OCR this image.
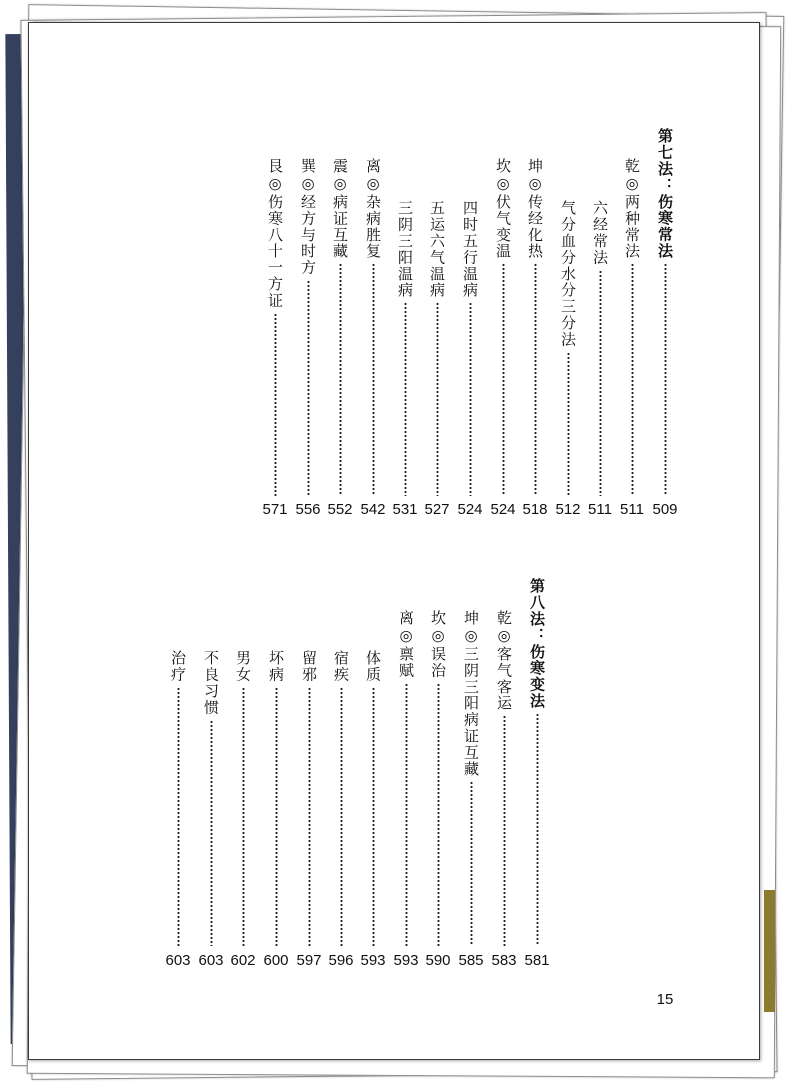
第七法：伤寒常法
509
乾◎两种常法
511
六经常法
511
气分血分水分三分法
512
坤◎传经化热
518
坎◎伏气变温
524
四时五行温病
524
五运六气温病
527
三阴三阳温病
531
离◎杂病胜复
542
震◎病证互藏
552
巽◎经方与时方
556
艮◎伤寒八十一方证
571
第八法：伤寒变法
581
乾◎客气客运
583
坤◎三阴三阳病证互藏
585
坎◎误治
590
离◎禀赋
593
体质
593
宿疾
596
留邪
597
坏病
600
男女
602
不良习惯
603
治疗
603
15
